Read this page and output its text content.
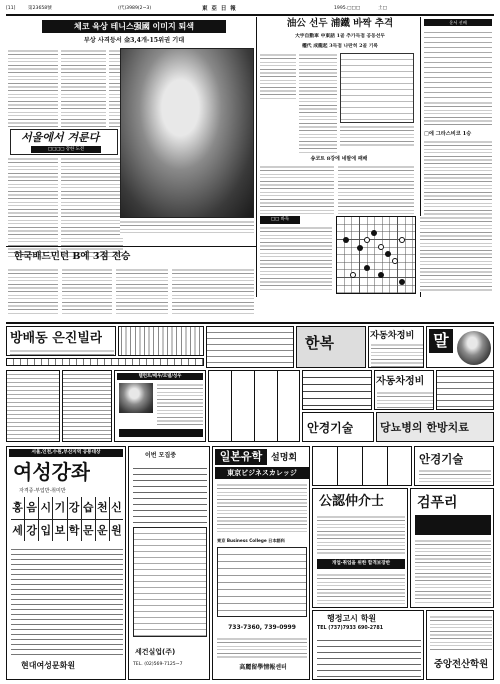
[11]	第23658號	(代)3989(2~3)	東 亞 日 報	1995.□□□	土□
체코 육상 테니스强國 이미지 퇴색
부상 사격등서 金3,4개-15위권 기대
서울에서 겨룬다
□□□□ 강한 도전
油公 선두 浦鐵 바짝 추격
大宇自動車 中東話 1골 추가득점 공동선두
權代 成龍起 3득점 나란히 2골 기록
송코트 8강에 네팔에 패배
운서 선배
□에 그라스비코 1승
□□ 바둑
한국배드민턴 B에 3점 전승
방배동 은진빌라	한복	자동차정비 말
텔런트/배우/모델/성우	자동차정비
안경기술 당뇨병의 한방치료
서울,인천,수원,부산지역 공통대상
여성강좌
자격증·부업반·취미반
홍 음 시 기 강 습 천 신
세 강 입 보 학 문 운 원
현대여성문화원
이번 모집중
세건실업(주)
TEL. (02)569-7125~7
일본유학 설명회
東京ビジネスカレッジ
東京 Business College 日本語科
733-7360, 739-0999
高麗留學情報센터
안경기술
公認仲介士
개업·취업을 위한 합격보장반
검푸리
행정고시 학원
TEL (737)7933 690-2781
중앙전산학원
